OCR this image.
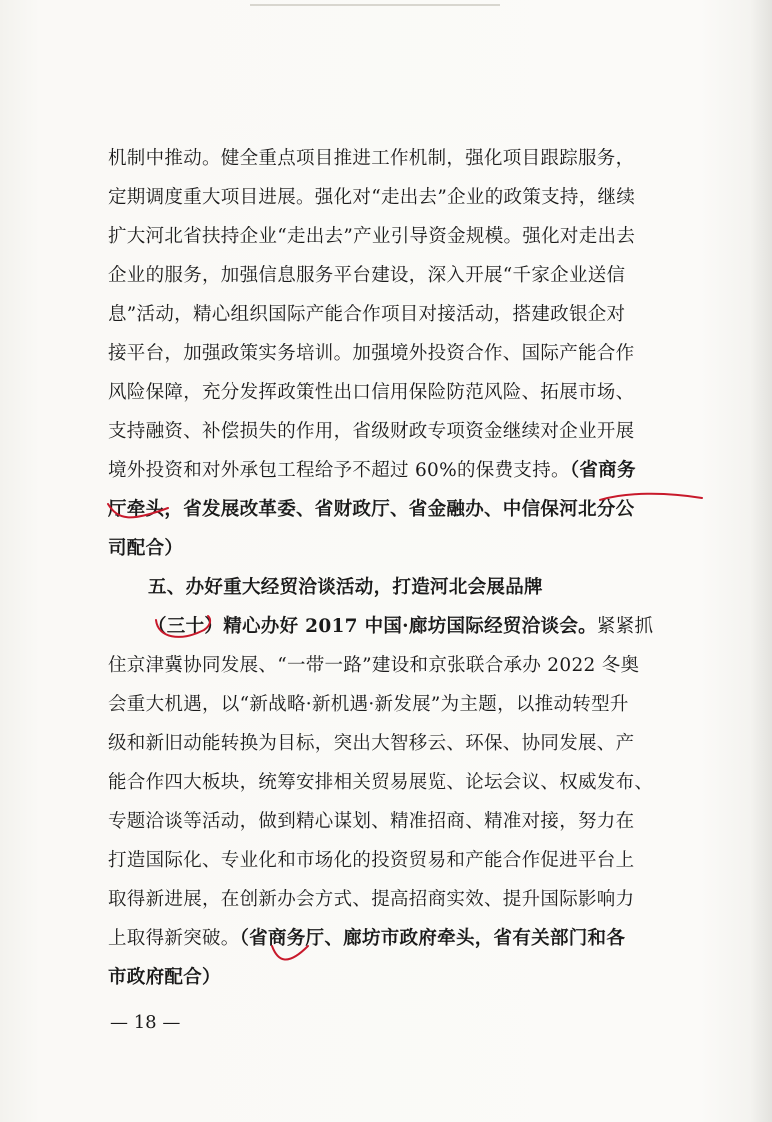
机制中推动。健全重点项目推进工作机制，强化项目跟踪服务，
定期调度重大项目进展。强化对“走出去”企业的政策支持，继续
扩大河北省扶持企业“走出去”产业引导资金规模。强化对走出去
企业的服务，加强信息服务平台建设，深入开展“千家企业送信
息”活动，精心组织国际产能合作项目对接活动，搭建政银企对
接平台，加强政策实务培训。加强境外投资合作、国际产能合作
风险保障，充分发挥政策性出口信用保险防范风险、拓展市场、
支持融资、补偿损失的作用，省级财政专项资金继续对企业开展
境外投资和对外承包工程给予不超过 60%的保费支持。（省商务
厅牵头，省发展改革委、省财政厅、省金融办、中信保河北分公
司配合）
五、办好重大经贸洽谈活动，打造河北会展品牌
（三十）精心办好 2017 中国·廊坊国际经贸洽谈会。紧紧抓
住京津冀协同发展、“一带一路”建设和京张联合承办 2022 冬奥
会重大机遇，以“新战略·新机遇·新发展”为主题，以推动转型升
级和新旧动能转换为目标，突出大智移云、环保、协同发展、产
能合作四大板块，统筹安排相关贸易展览、论坛会议、权威发布、
专题洽谈等活动，做到精心谋划、精准招商、精准对接，努力在
打造国际化、专业化和市场化的投资贸易和产能合作促进平台上
取得新进展，在创新办会方式、提高招商实效、提升国际影响力
上取得新突破。（省商务厅、廊坊市政府牵头，省有关部门和各
市政府配合）
— 18 —
